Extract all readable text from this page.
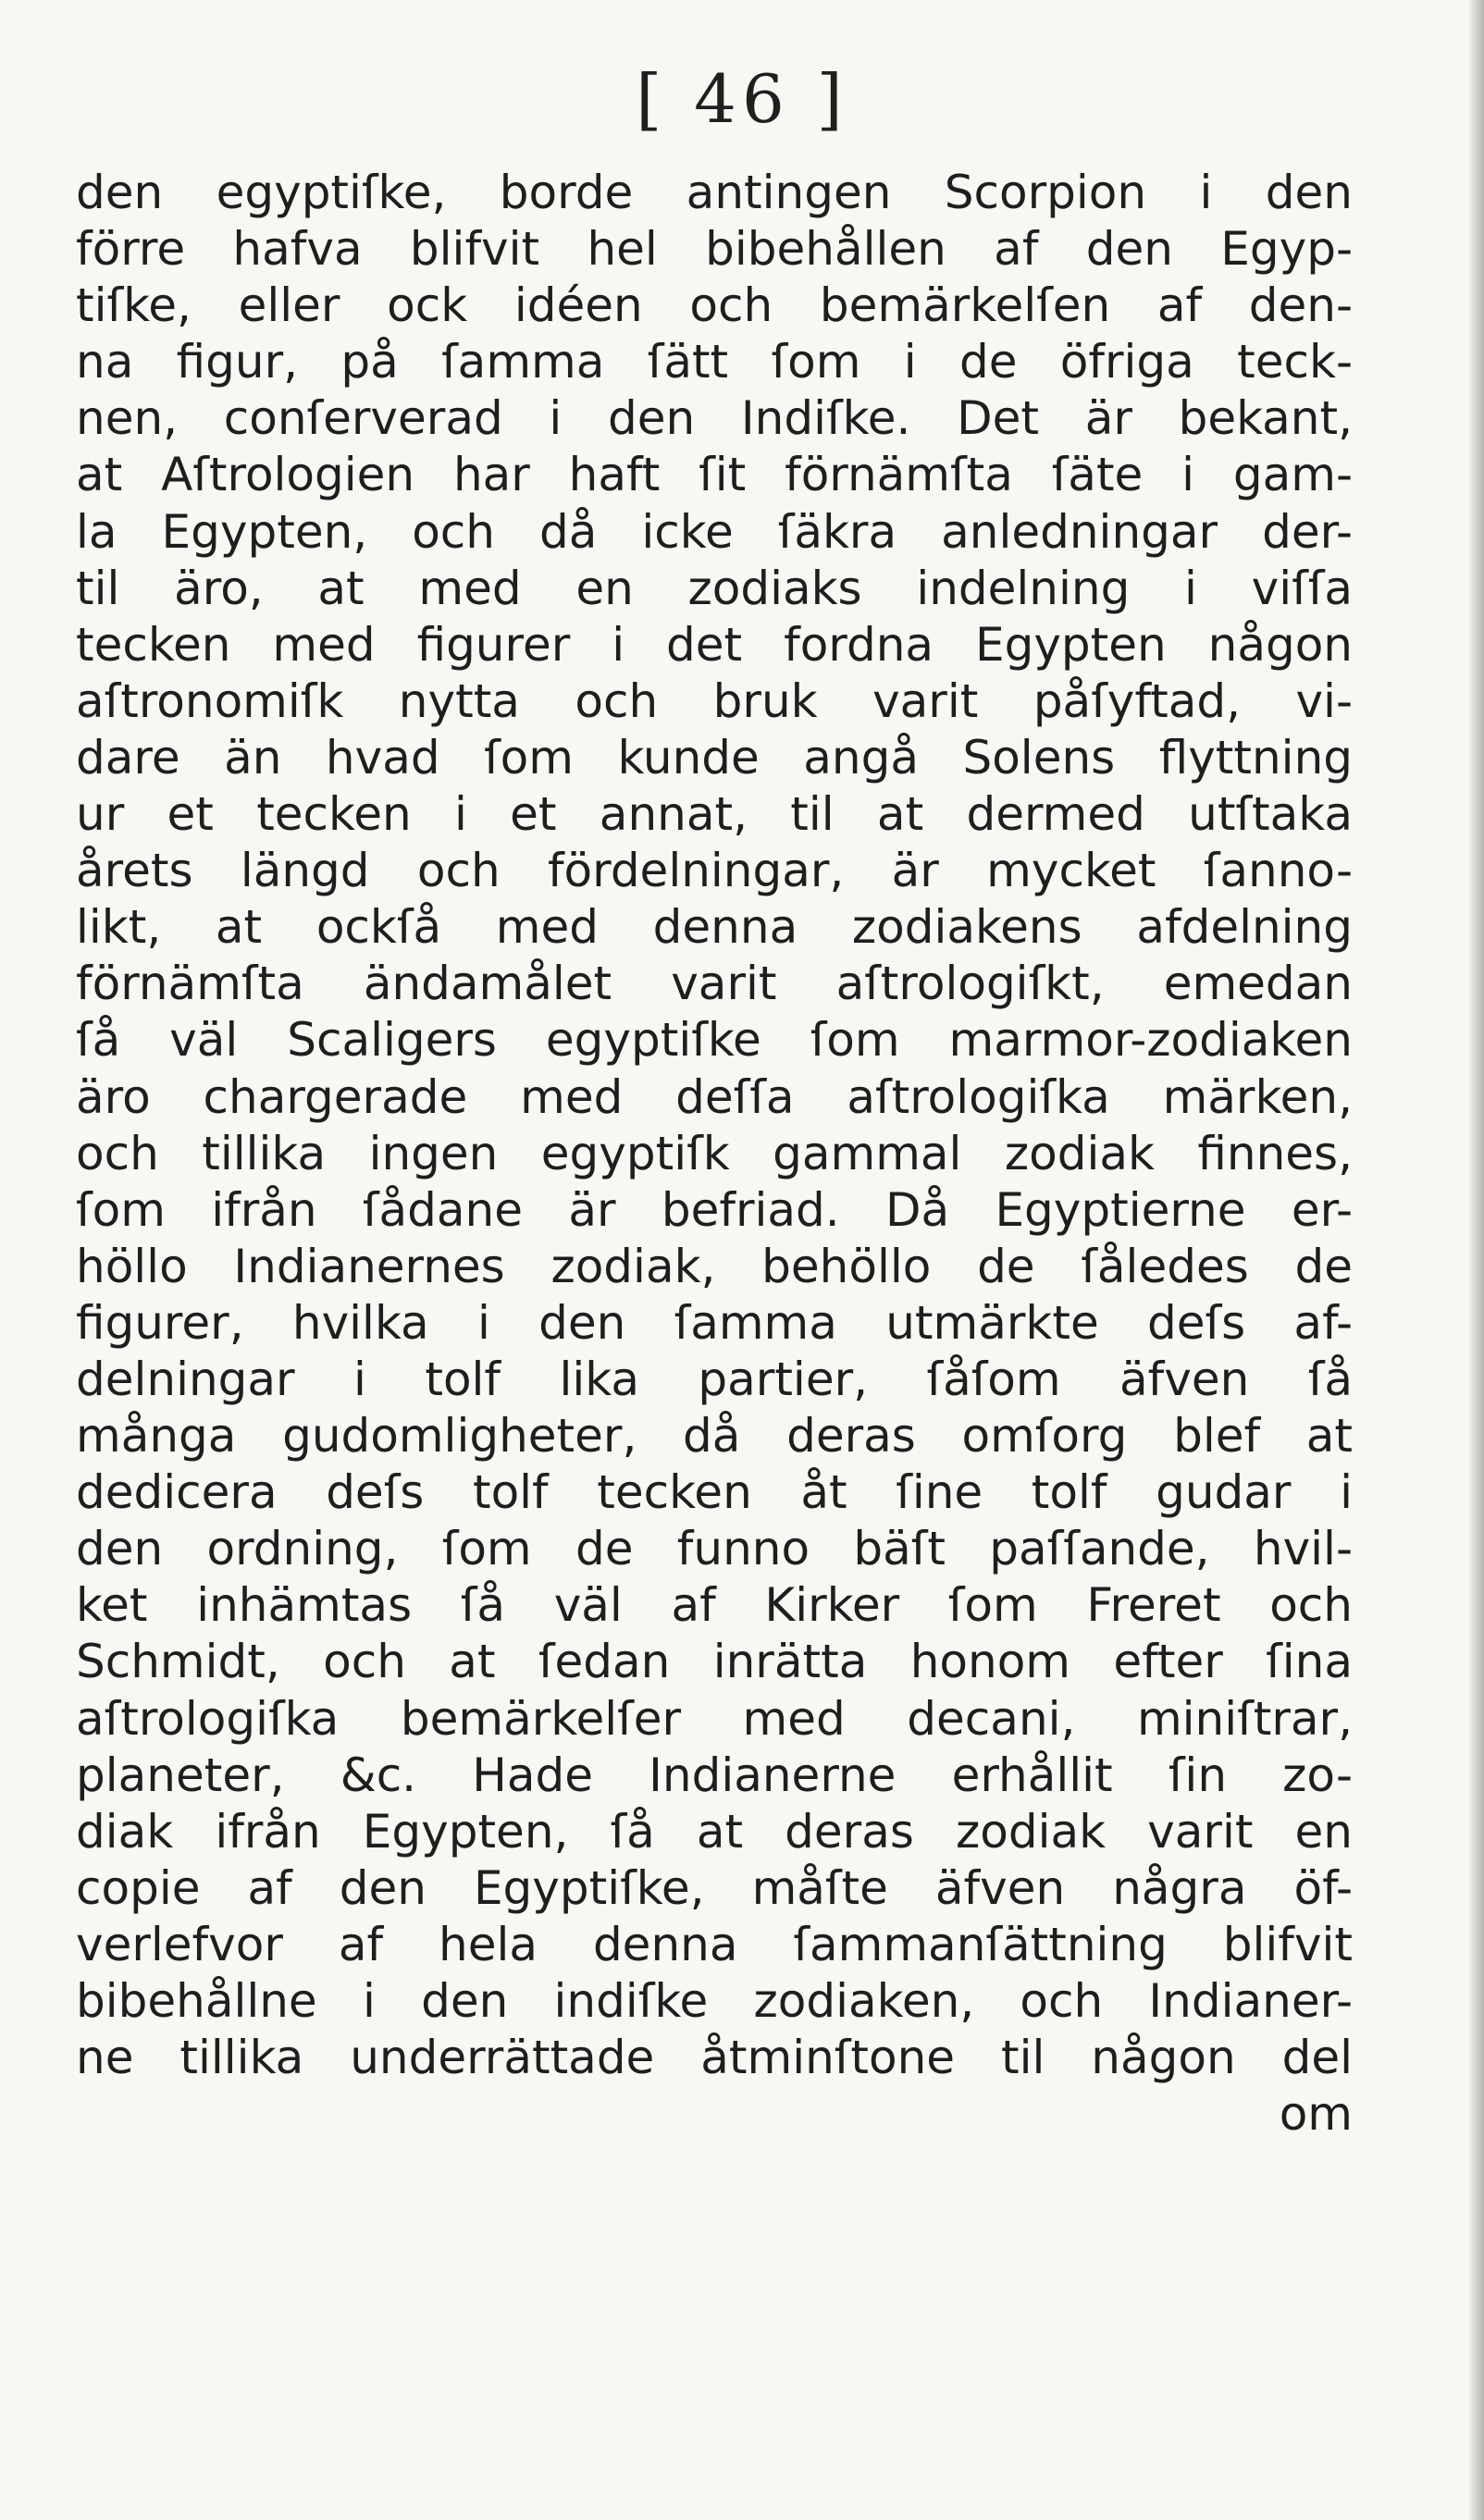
[ 46 ]
den egyptiſke, borde antingen Scorpion i den
förre hafva blifvit hel bibehållen af den Egyp-
tiſke, eller ock idéen och bemärkelſen af den-
na figur, på ſamma ſätt ſom i de öfriga teck-
nen, conſerverad i den Indiſke. Det är bekant,
at Aſtrologien har haft ſit förnämſta ſäte i gam-
la Egypten, och då icke ſäkra anledningar der-
til äro, at med en zodiaks indelning i viſſa
tecken med figurer i det fordna Egypten någon
aſtronomiſk nytta och bruk varit påſyftad, vi-
dare än hvad ſom kunde angå Solens flyttning
ur et tecken i et annat, til at dermed utſtaka
årets längd och fördelningar, är mycket ſanno-
likt, at ockſå med denna zodiakens afdelning
förnämſta ändamålet varit aſtrologiſkt, emedan
ſå väl Scaligers egyptiſke ſom marmor-zodiaken
äro chargerade med deſſa aſtrologiſka märken,
och tillika ingen egyptiſk gammal zodiak finnes,
ſom ifrån ſådane är befriad. Då Egyptierne er-
höllo Indianernes zodiak, behöllo de ſåledes de
figurer, hvilka i den ſamma utmärkte deſs af-
delningar i tolf lika partier, ſåſom äfven ſå
många gudomligheter, då deras omſorg blef at
dedicera deſs tolf tecken åt ſine tolf gudar i
den ordning, ſom de funno bäſt paſſande, hvil-
ket inhämtas ſå väl af Kirker ſom Freret och
Schmidt, och at ſedan inrätta honom efter ſina
aſtrologiſka bemärkelſer med decani, miniſtrar,
planeter, &c. Hade Indianerne erhållit ſin zo-
diak ifrån Egypten, ſå at deras zodiak varit en
copie af den Egyptiſke, måſte äfven några öf-
verlefvor af hela denna ſammanſättning blifvit
bibehållne i den indiſke zodiaken, och Indianer-
ne tillika underrättade åtminſtone til någon del
om
